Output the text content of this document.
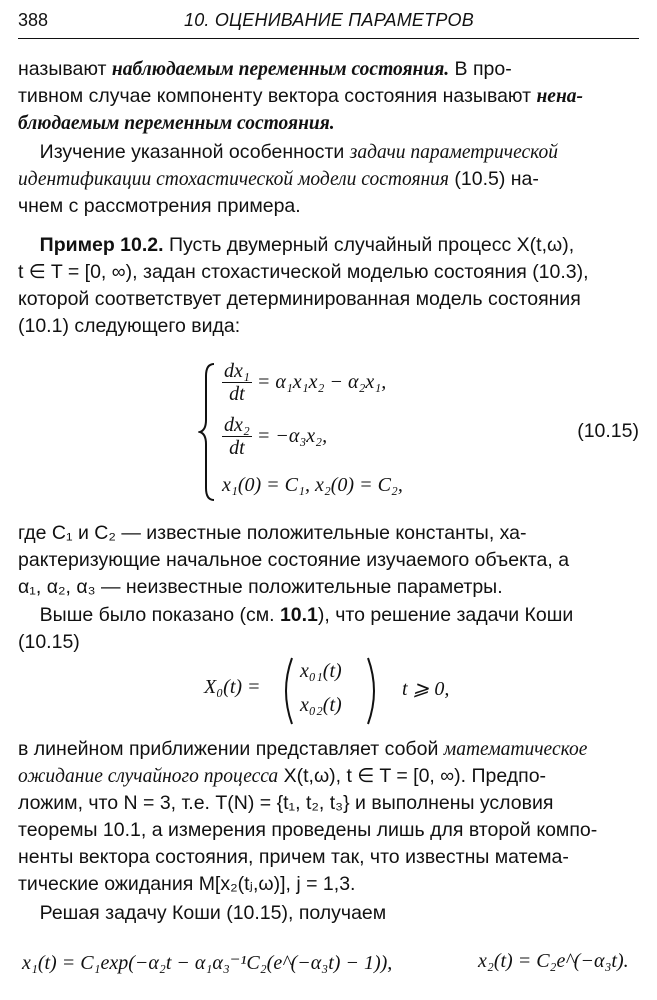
388	10. ОЦЕНИВАНИЕ ПАРАМЕТРОВ
называют наблюдаемым переменным состояния. В про-
тивном случае компоненту вектора состояния называют нена-
блюдаемым переменным состояния.
Изучение указанной особенности задачи параметрической
идентификации стохастической модели состояния (10.5) на-
чнем с рассмотрения примера.
Пример 10.2. Пусть двумерный случайный процесс X(t,ω),
t ∈ T = [0, ∞), задан стохастической моделью состояния (10.3),
которой соответствует детерминированная модель состояния
(10.1) следующего вида:
$\frac{\text{dx₁}}{dt} = \alpha_1x_1x_2 - \alpha_2x_1$,
$\frac{\text{dx₂}}{dt} = -\alpha_3x_2$,
x₁(0) = C₁, x₂(0) = C₂,
(10.15)
где C₁ и C₂ — известные положительные константы, ха-
рактеризующие начальное состояние изучаемого объекта, а
α₁, α₂, α₃ — неизвестные положительные параметры.
Выше было показано (см. 10.1), что решение задачи Коши
(10.15)
X₀(t) =
x₀₁(t)
x₀₂(t)
t ⩾ 0,
в линейном приближении представляет собой математическое
ожидание случайного процесса X(t,ω), t ∈ T = [0, ∞). Предпо-
ложим, что N = 3, т.е. T(N) = {t₁, t₂, t₃} и выполнены условия
теоремы 10.1, а измерения проведены лишь для второй компо-
ненты вектора состояния, причем так, что известны матема-
тические ожидания M[x₂(tⱼ,ω)], j = 1,3.
Решая задачу Коши (10.15), получаем
x₁(t) = C₁exp(−α₂t − α₁α₃⁻¹C₂(e^(−α₃t) − 1)),	x₂(t) = C₂e^(−α₃t).
